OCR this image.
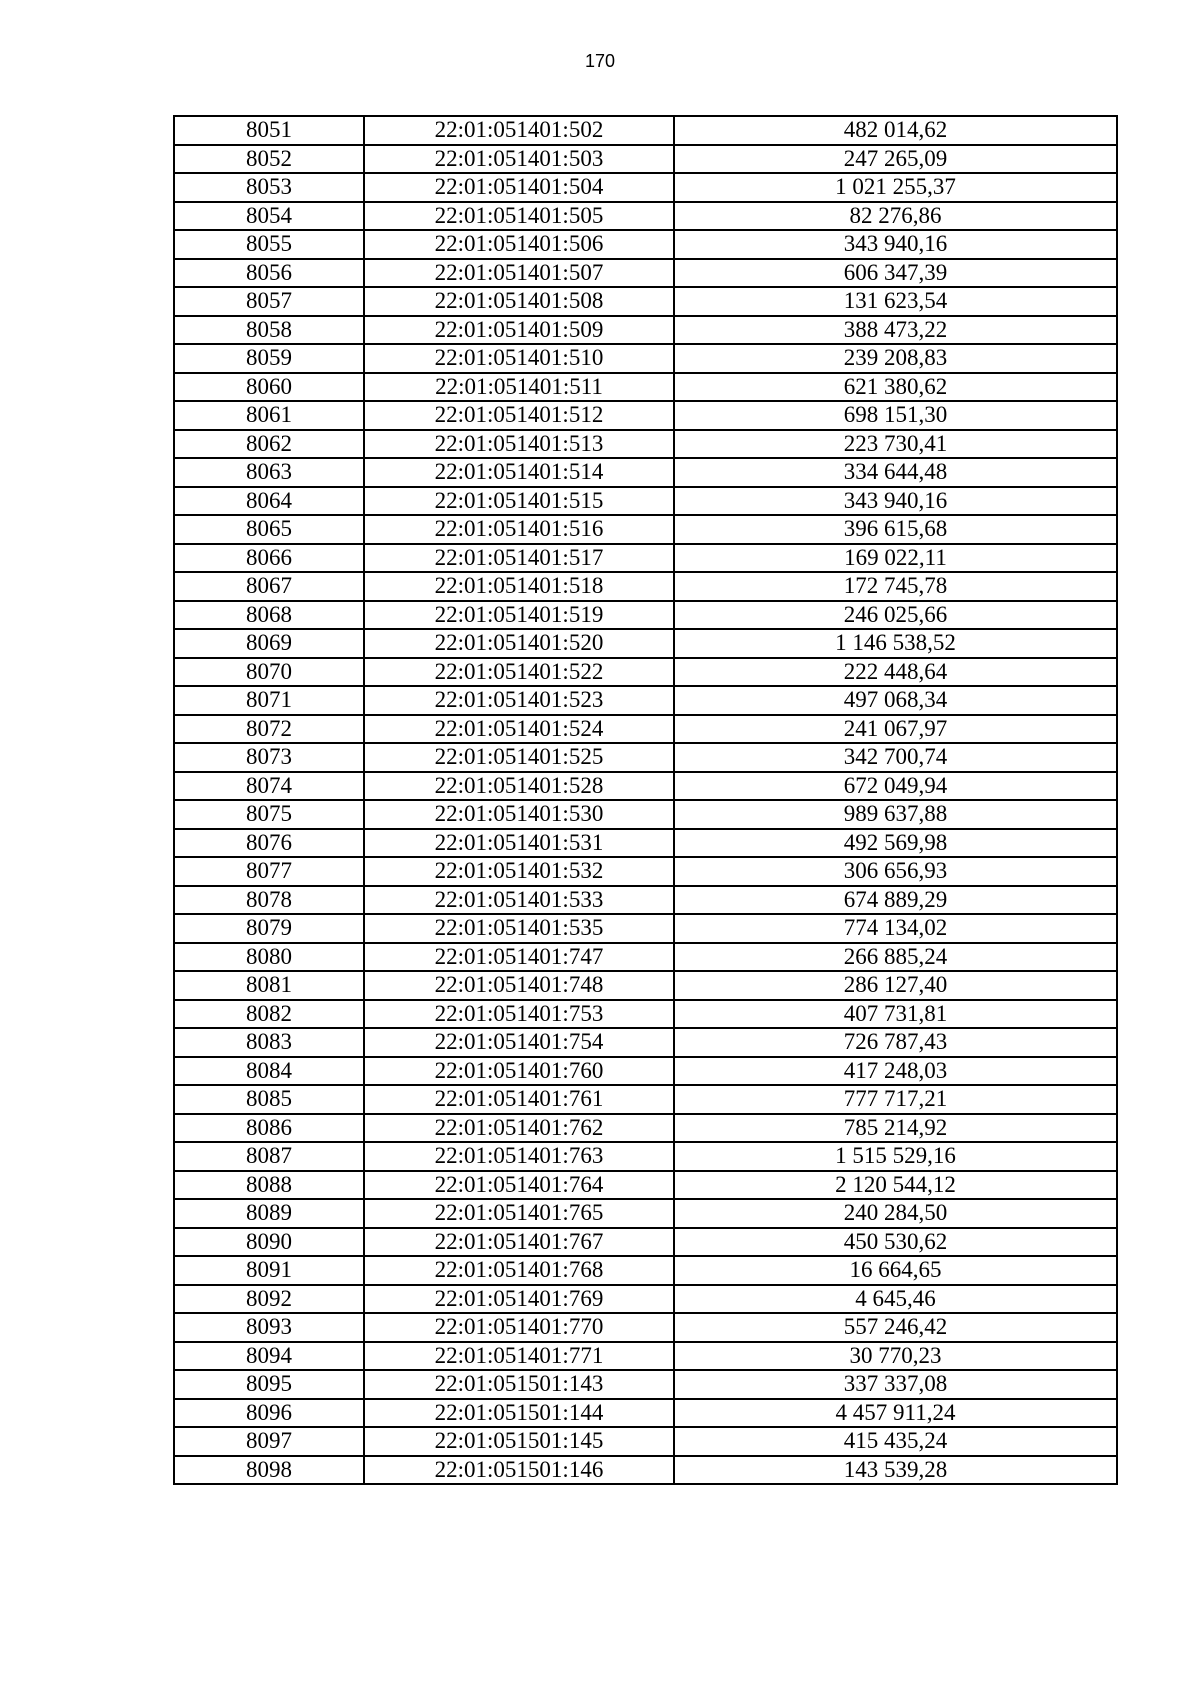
170
8051	22:01:051401:502	482 014,62
8052	22:01:051401:503	247 265,09
8053	22:01:051401:504	1 021 255,37
8054	22:01:051401:505	82 276,86
8055	22:01:051401:506	343 940,16
8056	22:01:051401:507	606 347,39
8057	22:01:051401:508	131 623,54
8058	22:01:051401:509	388 473,22
8059	22:01:051401:510	239 208,83
8060	22:01:051401:511	621 380,62
8061	22:01:051401:512	698 151,30
8062	22:01:051401:513	223 730,41
8063	22:01:051401:514	334 644,48
8064	22:01:051401:515	343 940,16
8065	22:01:051401:516	396 615,68
8066	22:01:051401:517	169 022,11
8067	22:01:051401:518	172 745,78
8068	22:01:051401:519	246 025,66
8069	22:01:051401:520	1 146 538,52
8070	22:01:051401:522	222 448,64
8071	22:01:051401:523	497 068,34
8072	22:01:051401:524	241 067,97
8073	22:01:051401:525	342 700,74
8074	22:01:051401:528	672 049,94
8075	22:01:051401:530	989 637,88
8076	22:01:051401:531	492 569,98
8077	22:01:051401:532	306 656,93
8078	22:01:051401:533	674 889,29
8079	22:01:051401:535	774 134,02
8080	22:01:051401:747	266 885,24
8081	22:01:051401:748	286 127,40
8082	22:01:051401:753	407 731,81
8083	22:01:051401:754	726 787,43
8084	22:01:051401:760	417 248,03
8085	22:01:051401:761	777 717,21
8086	22:01:051401:762	785 214,92
8087	22:01:051401:763	1 515 529,16
8088	22:01:051401:764	2 120 544,12
8089	22:01:051401:765	240 284,50
8090	22:01:051401:767	450 530,62
8091	22:01:051401:768	16 664,65
8092	22:01:051401:769	4 645,46
8093	22:01:051401:770	557 246,42
8094	22:01:051401:771	30 770,23
8095	22:01:051501:143	337 337,08
8096	22:01:051501:144	4 457 911,24
8097	22:01:051501:145	415 435,24
8098	22:01:051501:146	143 539,28
